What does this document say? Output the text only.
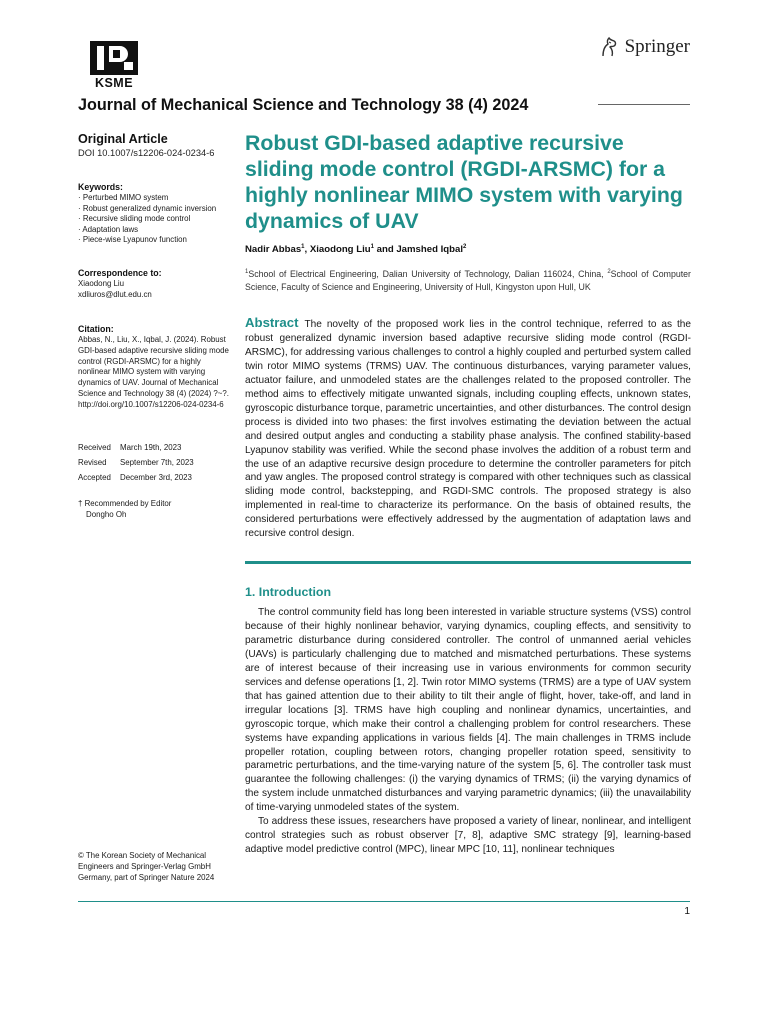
KSME
Springer
Journal of Mechanical Science and Technology 38 (4) 2024
Original Article
DOI 10.1007/s12206-024-0234-6
Keywords:
· Perturbed MIMO system
· Robust generalized dynamic inversion
· Recursive sliding mode control
· Adaptation laws
· Piece-wise Lyapunov function
Correspondence to:
Xiaodong Liu
xdliuros@dlut.edu.cn
Citation:
Abbas, N., Liu, X., Iqbal, J. (2024). Robust GDI-based adaptive recursive sliding mode control (RGDI-ARSMC) for a highly nonlinear MIMO system with varying dynamics of UAV. Journal of Mechanical Science and Technology 38 (4) (2024) ?~?.
http://doi.org/10.1007/s12206-024-0234-6
Received	March 19th, 2023
Revised	September 7th, 2023
Accepted	December 3rd, 2023
† Recommended by Editor
Dongho Oh
Robust GDI-based adaptive recursive sliding mode control (RGDI-ARSMC) for a highly nonlinear MIMO system with varying dynamics of UAV
Nadir Abbas$^1$, Xiaodong Liu$^1$ and Jamshed Iqbal$^2$
$^1$School of Electrical Engineering, Dalian University of Technology, Dalian 116024, China, $^2$School of Computer Science, Faculty of Science and Engineering, University of Hull, Kingyston upon Hull, UK
Abstract The novelty of the proposed work lies in the control technique, referred to as the robust generalized dynamic inversion based adaptive recursive sliding mode control (RGDI-ARSMC), for addressing various challenges to control a highly coupled and perturbed system called twin rotor MIMO systems (TRMS) UAV. The continuous disturbances, varying parameter values, actuator failure, and unmodeled states are the challenges related to the proposed controller. The method aims to effectively mitigate unwanted signals, including coupling effects, unknown states, gyroscopic disturbance torque, parametric uncertainties, and other disturbances. The control design process is divided into two phases: the first involves estimating the deviation between the actual and desired output angles and conducting a stability phase analysis. The confined stability-based Lyapunov stability was verified. While the second phase involves the addition of a robust term and the use of an adaptive recursive design procedure to determine the controller parameters for pitch and yaw angles. The proposed control strategy is compared with other techniques such as classical sliding mode control, backstepping, and RGDI-SMC controls. The proposed strategy is also implemented in real-time to characterize its performance. On the basis of obtained results, the considered perturbations were effectively addressed by the augmentation of adaptation laws and recursive control design.
1. Introduction

The control community field has long been interested in variable structure systems (VSS) control because of their highly nonlinear behavior, varying dynamics, coupling effects, and sensitivity to parametric disturbance during considered controller. The control of unmanned aerial vehicles (UAVs) is particularly challenging due to matched and mismatched perturbations. These systems are of interest because of their increasing use in various environments for common security services and defense operations [1, 2]. Twin rotor MIMO systems (TRMS) are a type of UAV system that has gained attention due to their ability to tilt their angle of flight, hover, take-off, and land in irregular locations [3]. TRMS have high coupling and nonlinear dynamics, uncertainties, and gyroscopic torque, which make their control a challenging problem for control researchers. These systems have expanding applications in various fields [4]. The main challenges in TRMS include propeller rotation, coupling between rotors, changing propeller rotation speed, sensitivity to parametric perturbations, and the time-varying nature of the system [5, 6]. The controller task must guarantee the following challenges: (i) the varying dynamics of TRMS; (ii) the varying dynamics of the system include unmatched disturbances and varying parametric dynamics; (iii) the unavailability of time-varying unmodeled states of the system.

To address these issues, researchers have proposed a variety of linear, nonlinear, and intelligent control strategies such as robust observer [7, 8], adaptive SMC strategy [9], learning-based adaptive model predictive control (MPC), linear MPC [10, 11], nonlinear techniques

© The Korean Society of Mechanical Engineers and Springer-Verlag GmbH Germany, part of Springer Nature 2024
1
